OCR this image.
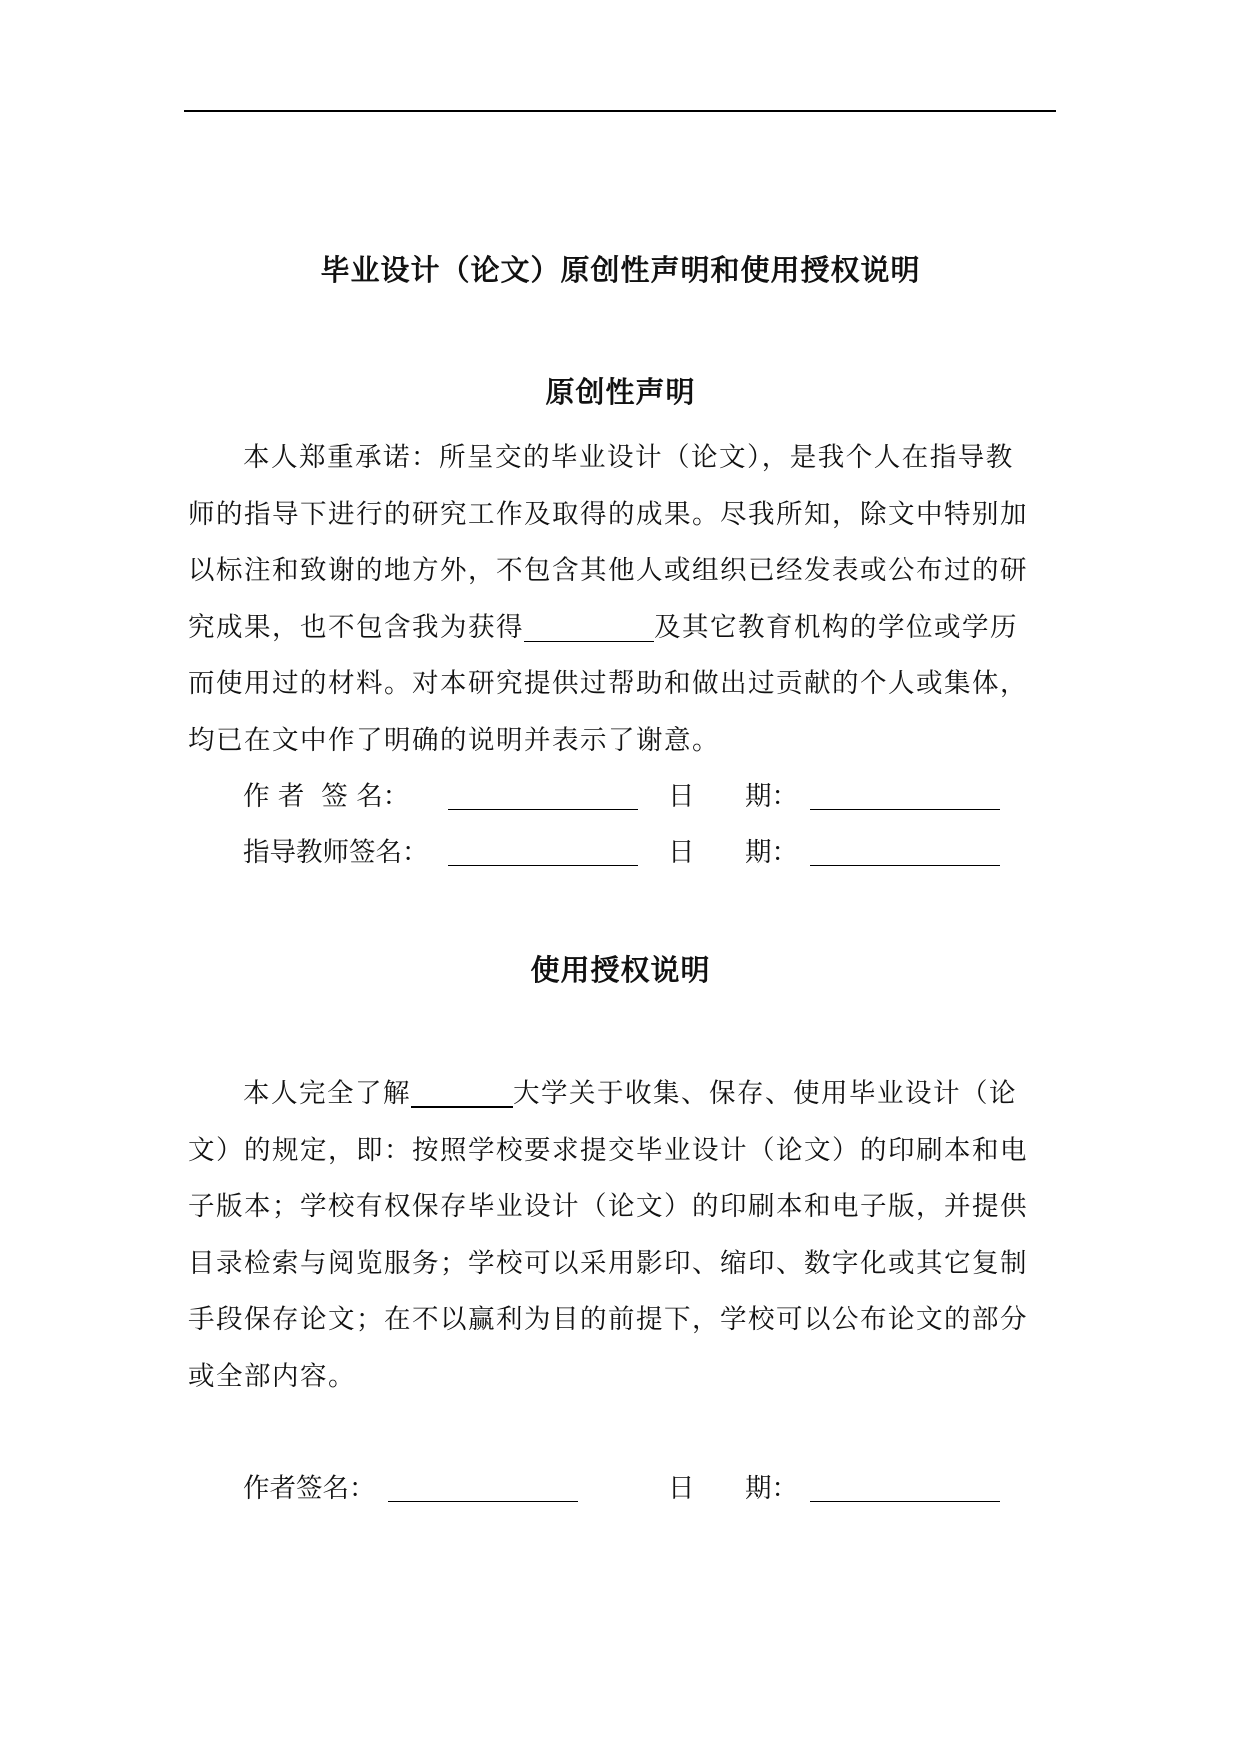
毕业设计（论文）原创性声明和使用授权说明
原创性声明
本人郑重承诺：所呈交的毕业设计（论文），是我个人在指导教
师的指导下进行的研究工作及取得的成果。尽我所知，除文中特别加
以标注和致谢的地方外，不包含其他人或组织已经发表或公布过的研
究成果，也不包含我为获得	及其它教育机构的学位或学历
而使用过的材料。对本研究提供过帮助和做出过贡献的个人或集体，
均已在文中作了明确的说明并表示了谢意。
作 者  签 名：	日      期：
指导教师签名：	日      期：
使用授权说明
本人完全了解	大学关于收集、保存、使用毕业设计（论
文）的规定，即：按照学校要求提交毕业设计（论文）的印刷本和电
子版本；学校有权保存毕业设计（论文）的印刷本和电子版，并提供
目录检索与阅览服务；学校可以采用影印、缩印、数字化或其它复制
手段保存论文；在不以赢利为目的前提下，学校可以公布论文的部分
或全部内容。
作者签名：	日      期：
